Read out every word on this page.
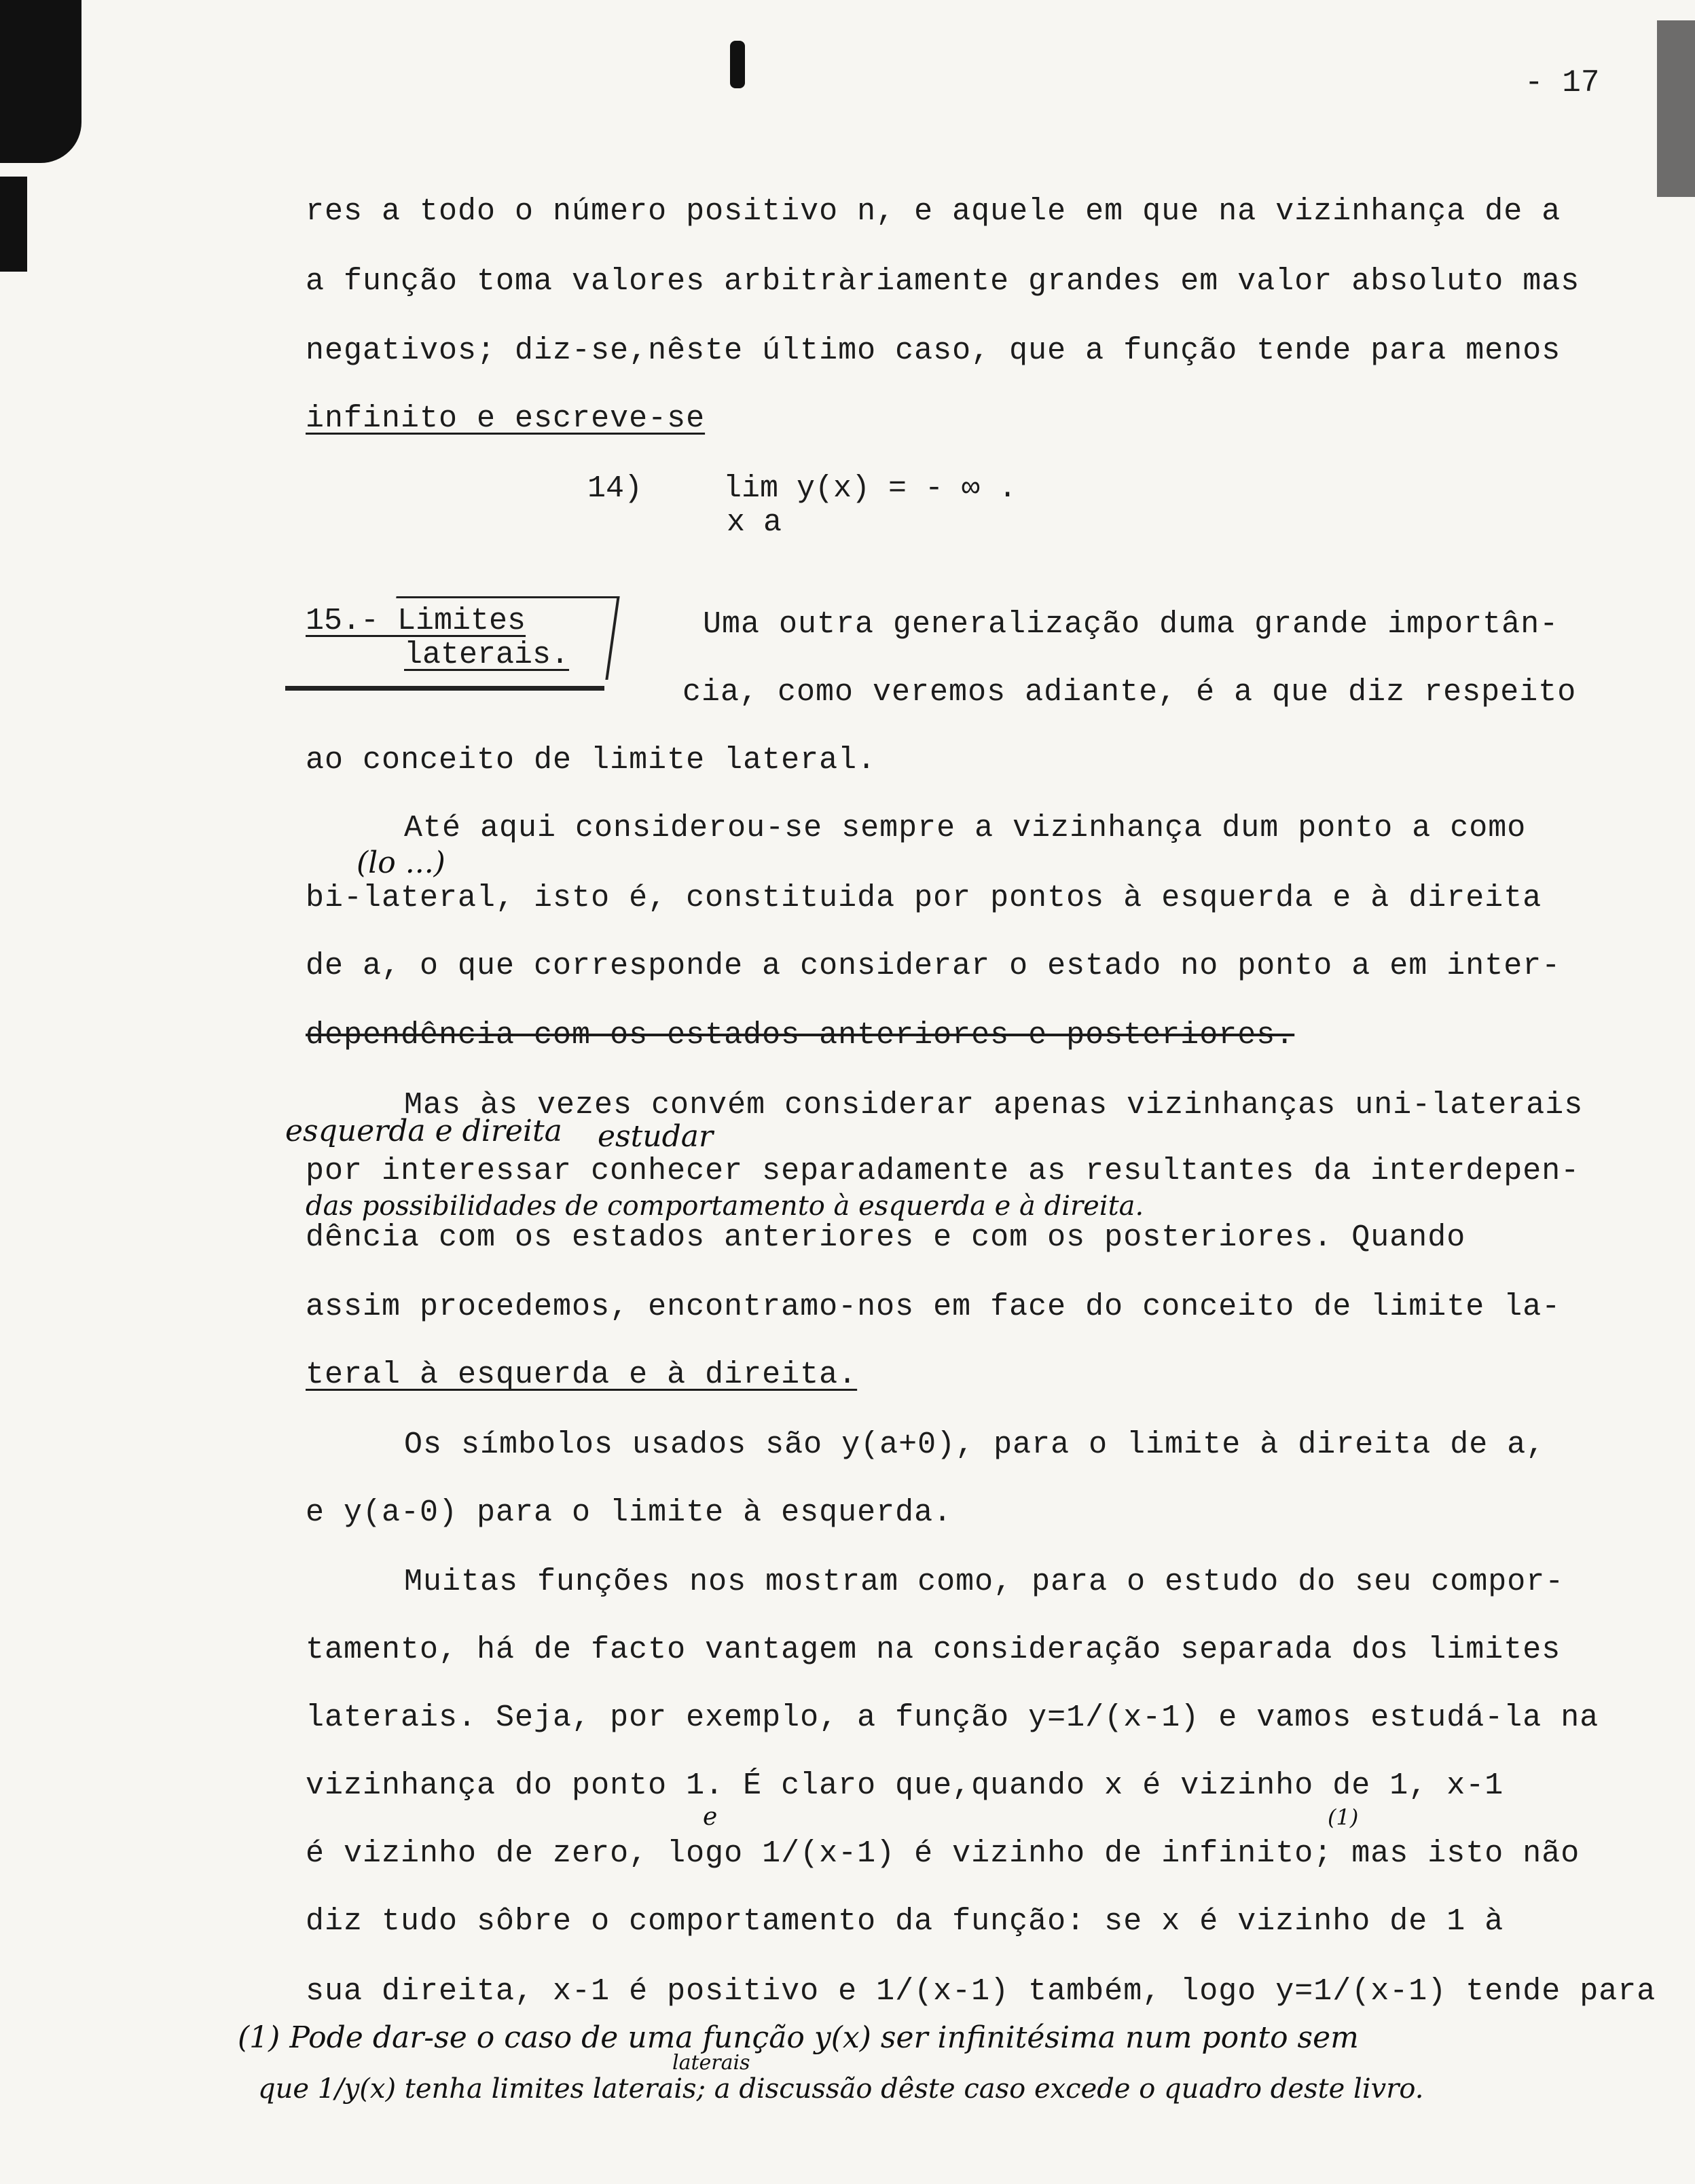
- 17

res a todo o número positivo n, e aquele em que na vizinhança de a

a função toma valores arbitràriamente grandes em valor absoluto mas

negativos; diz-se,nêste último caso, que a função tende para menos

infinito e escreve-se

14)	lim y(x) = - ∞ .
x a
15.- Limites
laterais.

Uma outra generalização duma grande importân-

cia, como veremos adiante, é a que diz respeito

ao conceito de limite lateral.

Até aqui considerou-se sempre a vizinhança dum ponto a como

(lo ...)

bi-lateral, isto é, constituida por pontos à esquerda e à direita

de a, o que corresponde a considerar o estado no ponto a em inter-

dependência com os estados anteriores e posteriores.

Mas às vezes convém considerar apenas vizinhanças uni-laterais

esquerda e direita estudar

por interessar conhecer separadamente as resultantes da interdepen-

das possibilidades de comportamento à esquerda e à direita.

dência com os estados anteriores e com os posteriores. Quando

assim procedemos, encontramo-nos em face do conceito de limite la-

teral à esquerda e à direita.

Os símbolos usados são y(a+0), para o limite à direita de a,

e y(a-0) para o limite à esquerda.

Muitas funções nos mostram como, para o estudo do seu compor-

tamento, há de facto vantagem na consideração separada dos limites

laterais. Seja, por exemplo, a função y=1/(x-1) e vamos estudá-la na

vizinhança do ponto 1. É claro que,quando x é vizinho de 1, x-1

e	(1)

é vizinho de zero, logo 1/(x-1) é vizinho de infinito; mas isto não

diz tudo sôbre o comportamento da função: se x é vizinho de 1 à

sua direita, x-1 é positivo e 1/(x-1) também, logo y=1/(x-1) tende para

(1) Pode dar-se o caso de uma função y(x) ser infinitésima num ponto sem
laterais
que 1/y(x) tenha limites laterais; a discussão dêste caso excede o quadro deste livro.
